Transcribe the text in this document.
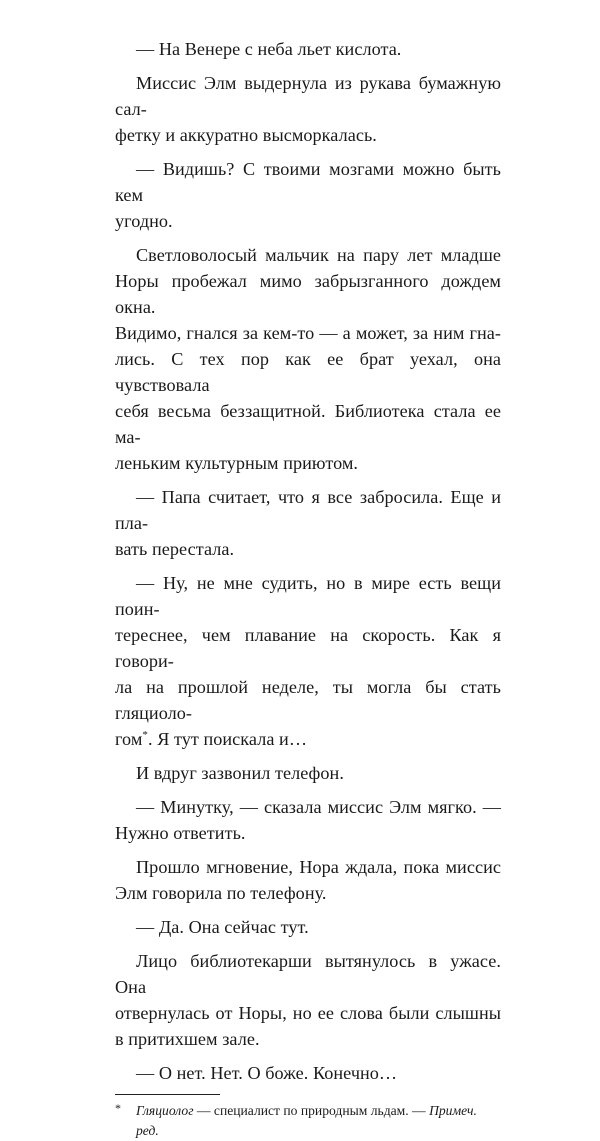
— На Венере с неба льет кислота.

Миссис Элм выдернула из рукава бумажную сал-
фетку и аккуратно высморкалась.

— Видишь? С твоими мозгами можно быть кем
угодно.

Светловолосый мальчик на пару лет младше
Норы пробежал мимо забрызганного дождем окна.
Видимо, гнался за кем-то — а может, за ним гна-
лись. С тех пор как ее брат уехал, она чувствовала
себя весьма беззащитной. Библиотека стала ее ма-
леньким культурным приютом.

— Папа считает, что я все забросила. Еще и пла-
вать перестала.

— Ну, не мне судить, но в мире есть вещи поин-
тереснее, чем плавание на скорость. Как я говори-
ла на прошлой неделе, ты могла бы стать гляциоло-
гом*. Я тут поискала и…

И вдруг зазвонил телефон.

— Минутку, — сказала миссис Элм мягко. —
Нужно ответить.

Прошло мгновение, Нора ждала, пока миссис
Элм говорила по телефону.

— Да. Она сейчас тут.

Лицо библиотекарши вытянулось в ужасе. Она
отвернулась от Норы, но ее слова были слышны
в притихшем зале.

— О нет. Нет. О боже. Конечно…

* Гляциолог — специалист по природным льдам. — Примеч.
ред.
